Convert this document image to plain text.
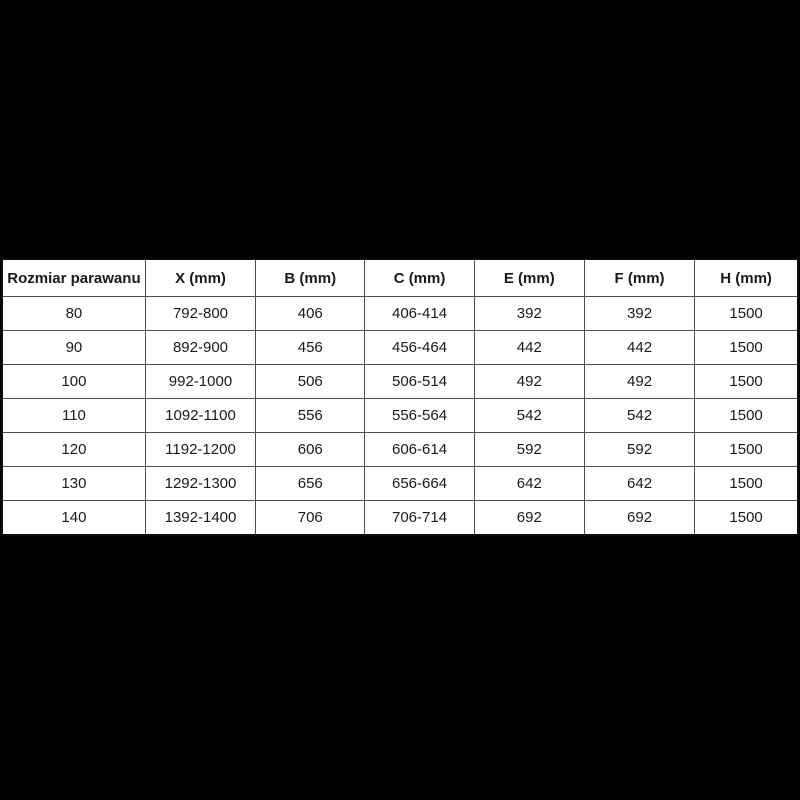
Rozmiar parawanu	X (mm)	B (mm)	C (mm)	E (mm)	F (mm)	H (mm)
80	792-800	406	406-414	392	392	1500
90	892-900	456	456-464	442	442	1500
100	992-1000	506	506-514	492	492	1500
110	1092-1100	556	556-564	542	542	1500
120	1192-1200	606	606-614	592	592	1500
130	1292-1300	656	656-664	642	642	1500
140	1392-1400	706	706-714	692	692	1500
